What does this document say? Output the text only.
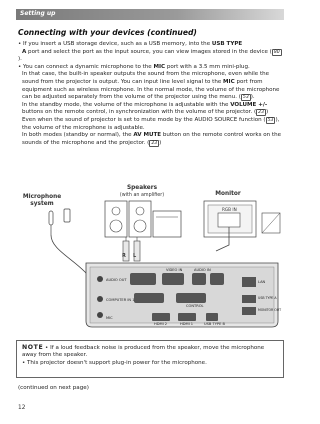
Setting up
Connecting with your devices (continued)

• If you insert a USB storage device, such as a USB memory, into the USB TYPE
A port and select the port as the input source, you can view images stored in the device ( 80).

• You can connect a dynamic microphone to the MIC port with a 3.5 mm mini-plug.

In that case, the built-in speaker outputs the sound from the microphone, even while the sound from the projector is output. You can input line level signal to the MIC port from equipment such as wireless microphone. In the normal mode, the volume of the microphone can be adjusted separately from the volume of the projector using the menu. ( 53 ).

In the standby mode, the volume of the microphone is adjustable with the VOLUME +/- buttons on the remote control, in synchronization with the volume of the projector. ( 23 )

Even when the sound of projector is set to mute mode by the AUDIO SOURCE function ( 53 ), the volume of the microphone is adjustable.

In both modes (standby or normal), the AV MUTE button on the remote control works on the sounds of the microphone and the projector. ( 23 )

Microphone
system
Speakers
(with an amplifier)	Monitor
R L
RGB IN
AUDIO OUT
VIDEO IN	AUDIO IN
COMPUTER IN 1
CONTROL
MIC
HDMI 2	HDMI 1	USB TYPE B
LAN
USB TYPE A
MONITOR OUT
NOTE • If a loud feedback noise is produced from the speaker, move the microphone away from the speaker.
• This projector doesn't support plug-in power for the microphone.
(continued on next page)
12
